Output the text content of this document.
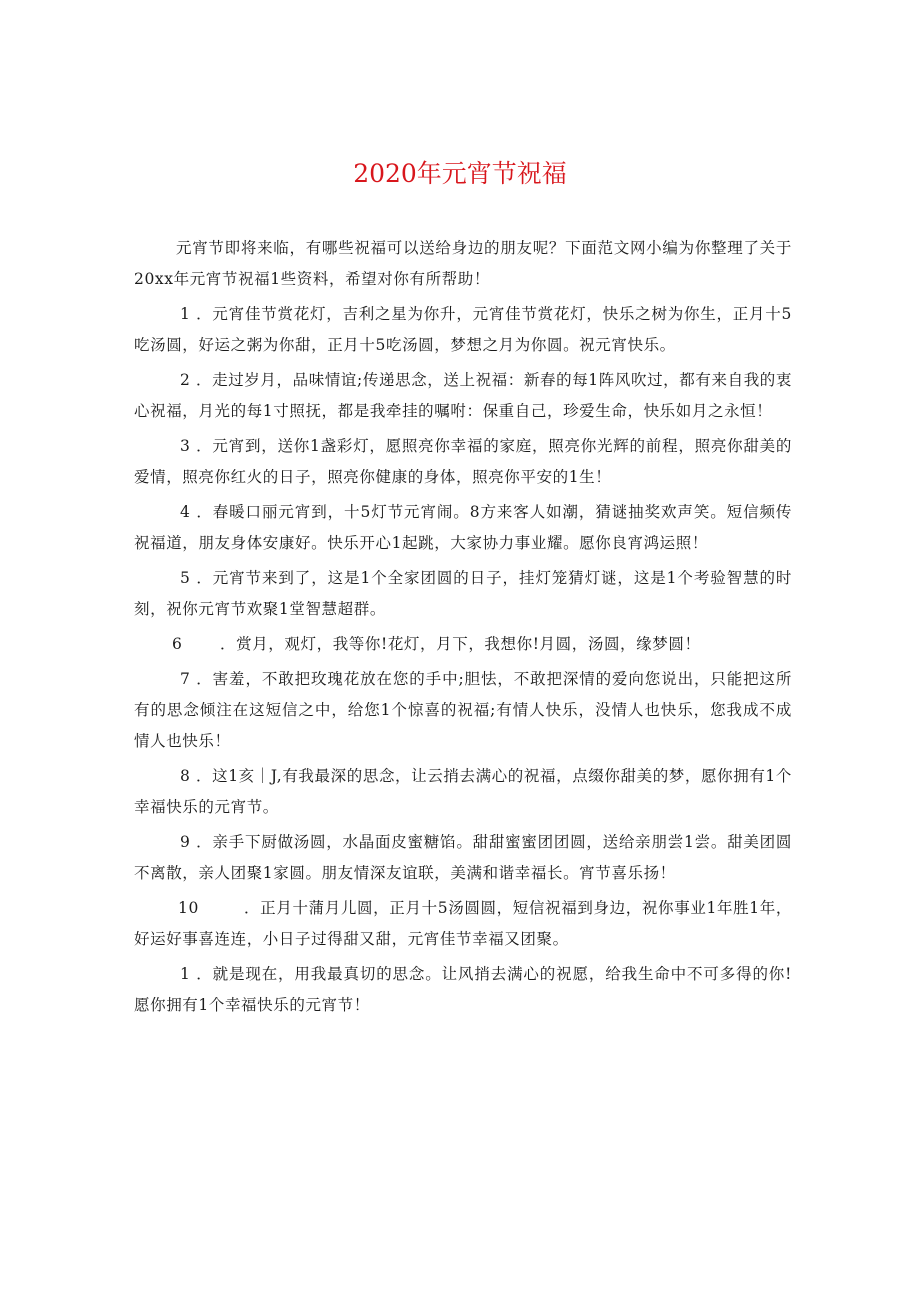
2020年元宵节祝福

元宵节即将来临，有哪些祝福可以送给身边的朋友呢？下面范文网小编为你整理了关于20xx年元宵节祝福1些资料，希望对你有所帮助！

1 ．元宵佳节赏花灯，吉利之星为你升，元宵佳节赏花灯，快乐之树为你生，正月十5吃汤圆，好运之粥为你甜，正月十5吃汤圆，梦想之月为你圆。祝元宵快乐。

2 ．走过岁月，品味情谊;传递思念，送上祝福：新春的每1阵风吹过，都有来自我的衷心祝福，月光的每1寸照抚，都是我牵挂的嘱咐：保重自己，珍爱生命，快乐如月之永恒！

3 ．元宵到，送你1盏彩灯，愿照亮你幸福的家庭，照亮你光辉的前程，照亮你甜美的爱情，照亮你红火的日子，照亮你健康的身体，照亮你平安的1生！

4 ．春暖口丽元宵到，十5灯节元宵闹。8方来客人如潮，猜谜抽奖欢声笑。短信频传祝福道，朋友身体安康好。快乐开心1起跳，大家协力事业耀。愿你良宵鸿运照！

5 ．元宵节来到了，这是1个全家团圆的日子，挂灯笼猜灯谜，这是1个考验智慧的时刻，祝你元宵节欢聚1堂智慧超群。

6 ．赏月，观灯，我等你!花灯，月下，我想你!月圆，汤圆，缘梦圆！

7 ．害羞，不敢把玫瑰花放在您的手中;胆怯，不敢把深情的爱向您说出，只能把这所有的思念倾注在这短信之中，给您1个惊喜的祝福;有情人快乐，没情人也快乐，您我成不成情人也快乐！

8 ．这1亥｜J,有我最深的思念，让云捎去满心的祝福，点缀你甜美的梦，愿你拥有1个幸福快乐的元宵节。

9 ．亲手下厨做汤圆，水晶面皮蜜糖馅。甜甜蜜蜜团团圆，送给亲朋尝1尝。甜美团圆不离散，亲人团聚1家圆。朋友情深友谊联，美满和谐幸福长。宵节喜乐扬！

10	．正月十蒲月儿圆，正月十5汤圆圆，短信祝福到身边，祝你事业1年胜1年，好运好事喜连连，小日子过得甜又甜，元宵佳节幸福又团聚。

1 ．就是现在，用我最真切的思念。让风捎去满心的祝愿，给我生命中不可多得的你!愿你拥有1个幸福快乐的元宵节！
